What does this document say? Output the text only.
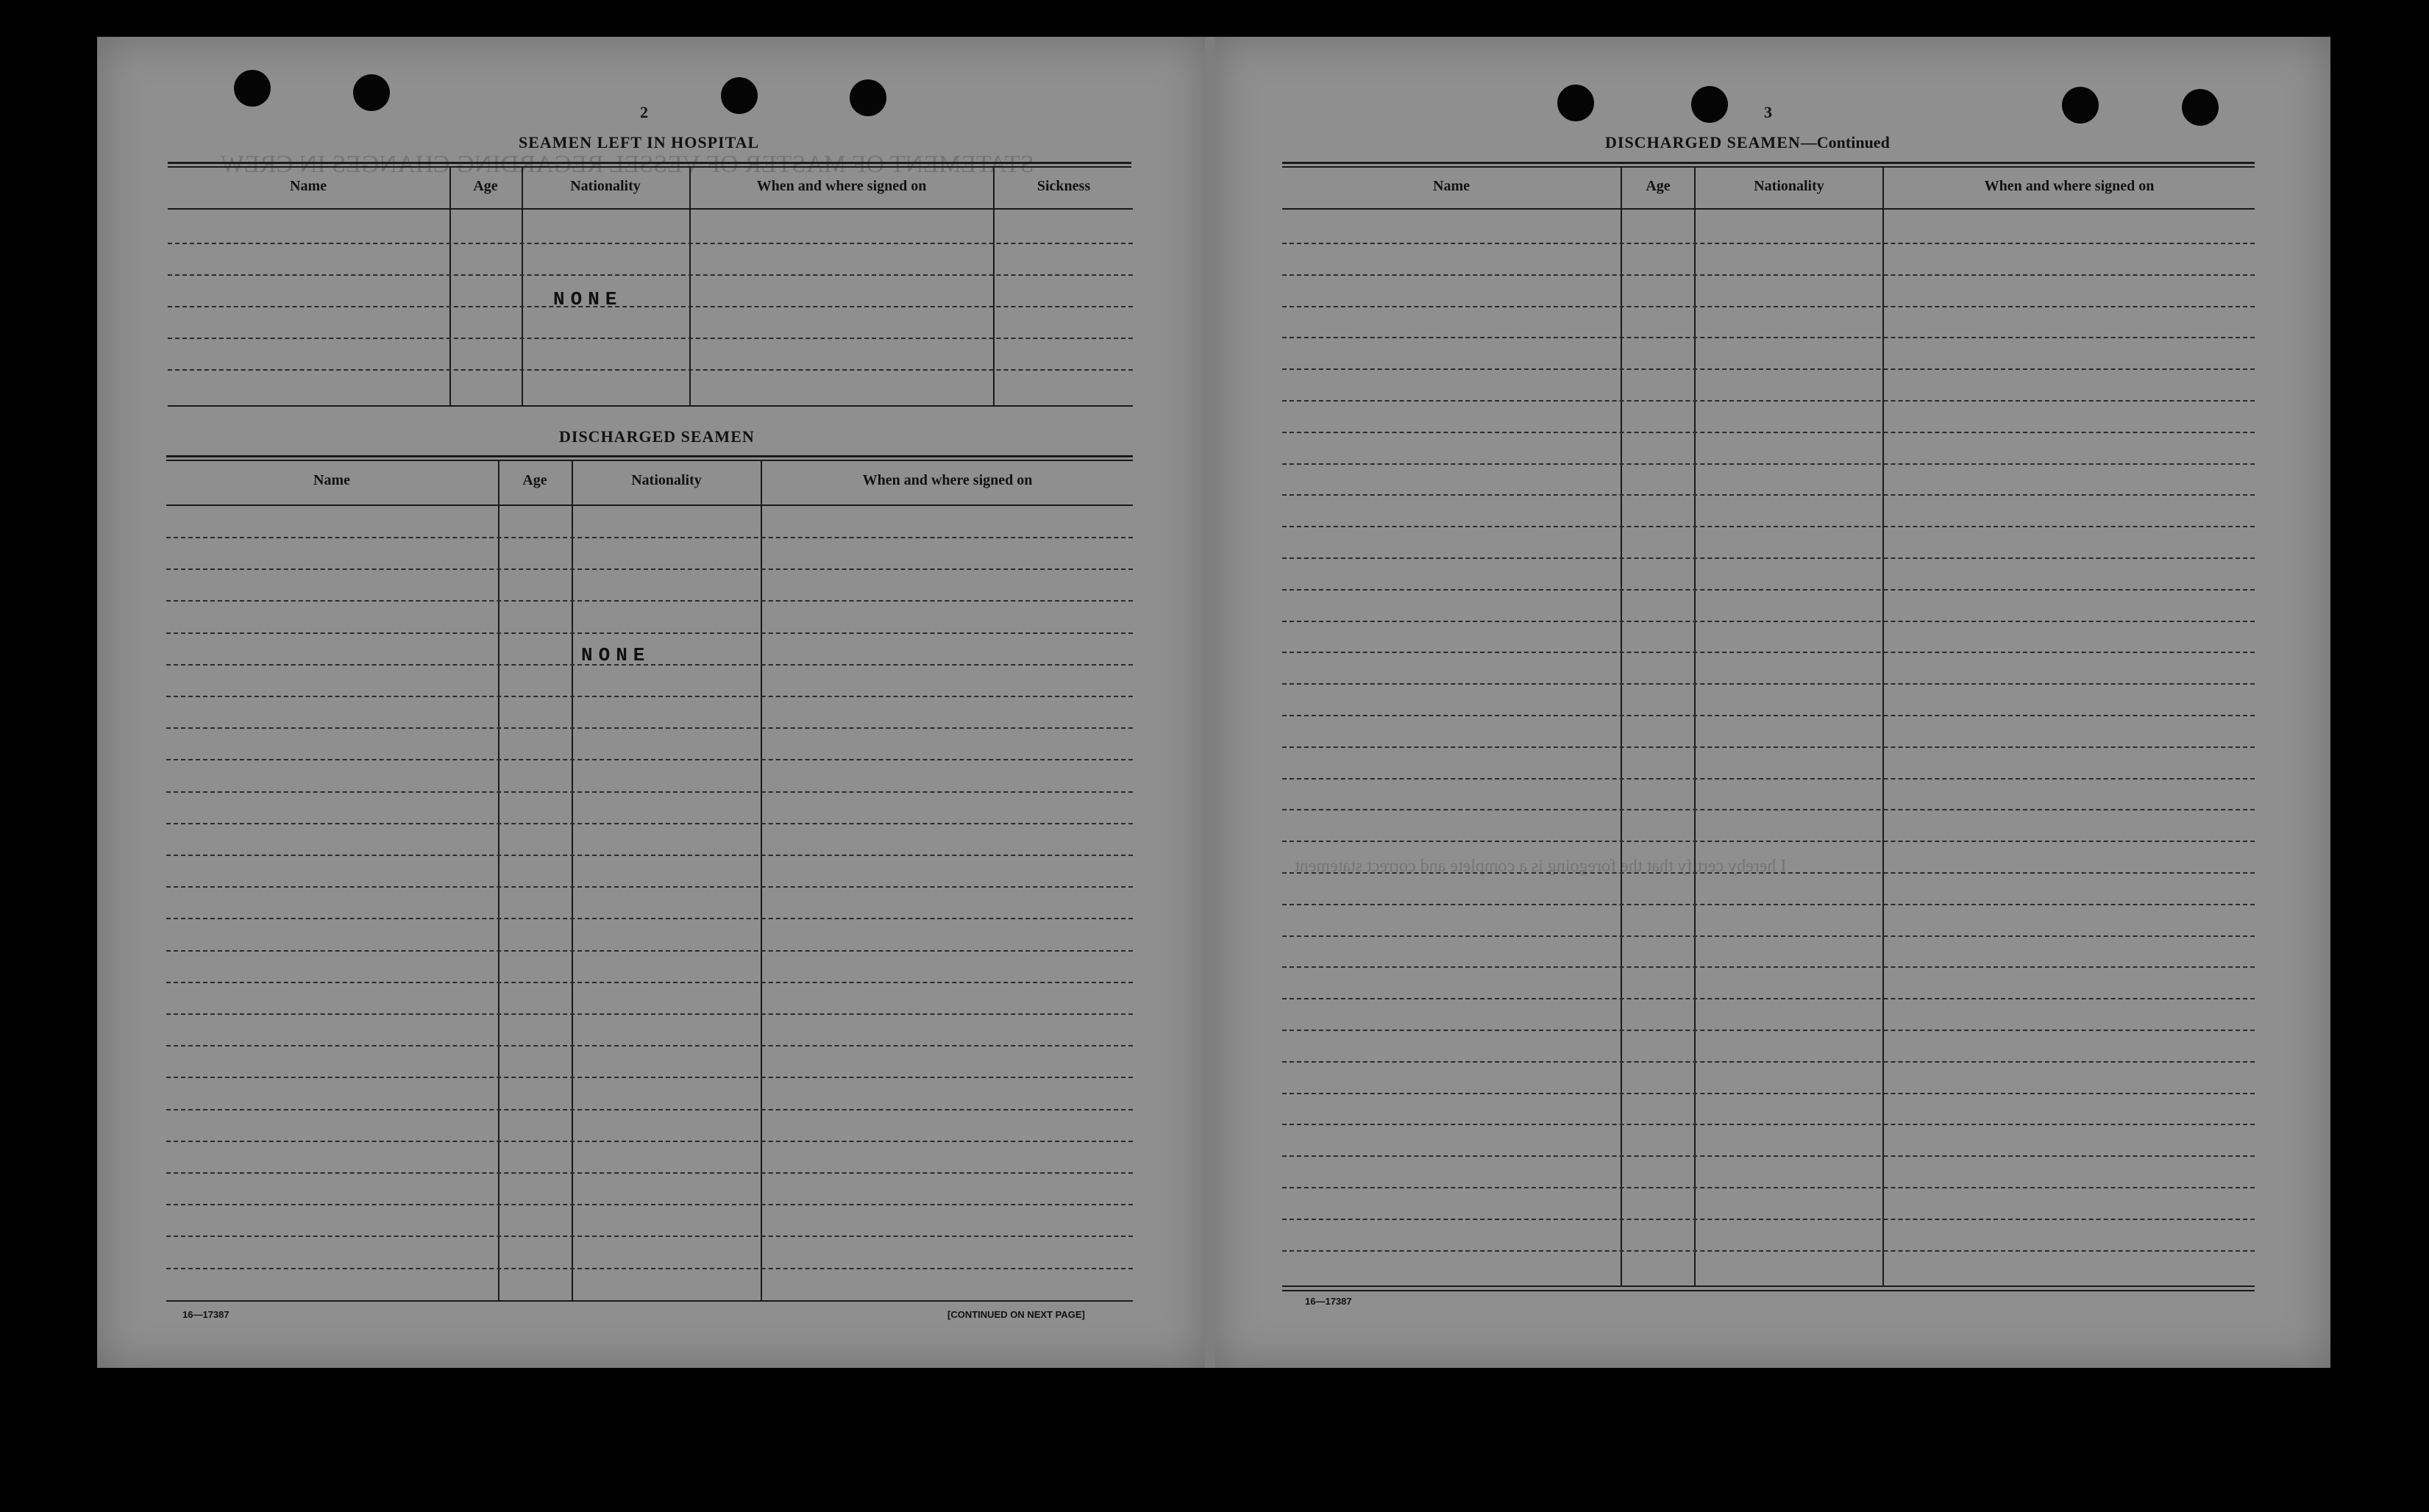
STATEMENT OF MASTER OF VESSEL REGARDING CHANGES IN CREW
I hereby certify that the foregoing is a complete and correct statement
2
SEAMEN LEFT IN HOSPITAL
Name	Age	Nationality	When and where signed on	Sickness
NONE
DISCHARGED SEAMEN
Name	Age	Nationality	When and where signed on
NONE
16—17387	[CONTINUED ON NEXT PAGE]
3
DISCHARGED SEAMEN—Continued
Name	Age	Nationality	When and where signed on
16—17387
